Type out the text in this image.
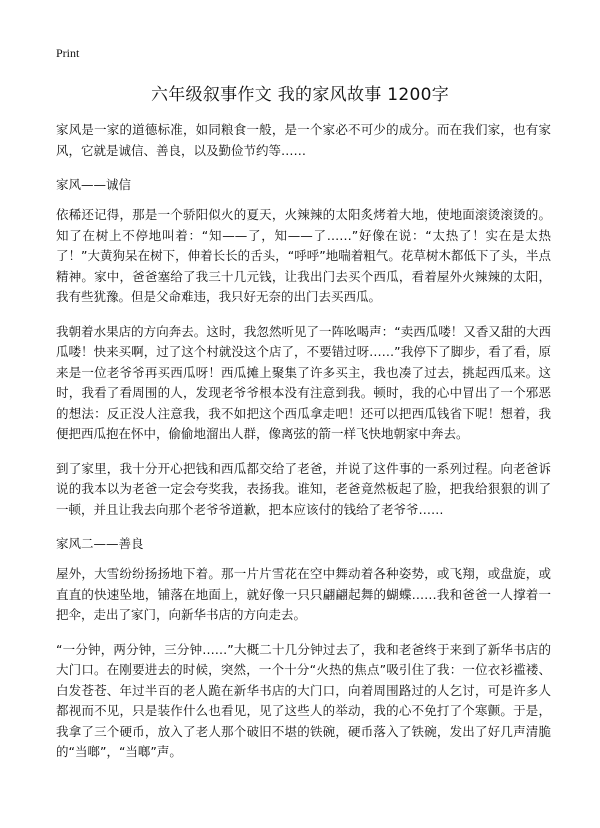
Print
六年级叙事作文 我的家风故事 1200字

家风是一家的道德标准，如同粮食一般，是一个家必不可少的成分。而在我们家，也有家风，它就是诚信、善良，以及勤俭节约等……

家风——诚信

依稀还记得，那是一个骄阳似火的夏天，火辣辣的太阳炙烤着大地，使地面滚烫滚烫的。知了在树上不停地叫着：“知——了，知——了……”好像在说：“太热了！实在是太热了！”大黄狗呆在树下，伸着长长的舌头，“呼呼”地喘着粗气。花草树木都低下了头，半点精神。家中，爸爸塞给了我三十几元钱，让我出门去买个西瓜，看着屋外火辣辣的太阳，我有些犹豫。但是父命难违，我只好无奈的出门去买西瓜。

我朝着水果店的方向奔去。这时，我忽然听见了一阵吆喝声：“卖西瓜喽！又香又甜的大西瓜喽！快来买啊，过了这个村就没这个店了，不要错过呀……”我停下了脚步，看了看，原来是一位老爷爷再买西瓜呀！西瓜摊上聚集了许多买主，我也凑了过去，挑起西瓜来。这时，我看了看周围的人，发现老爷爷根本没有注意到我。顿时，我的心中冒出了一个邪恶的想法：反正没人注意我，我不如把这个西瓜拿走吧！还可以把西瓜钱省下呢！想着，我便把西瓜抱在怀中，偷偷地溜出人群，像离弦的箭一样飞快地朝家中奔去。

到了家里，我十分开心把钱和西瓜都交给了老爸，并说了这件事的一系列过程。向老爸诉说的我本以为老爸一定会夸奖我，表扬我。谁知，老爸竟然板起了脸，把我给狠狠的训了一顿，并且让我去向那个老爷爷道歉，把本应该付的钱给了老爷爷……

家风二——善良

屋外，大雪纷纷扬扬地下着。那一片片雪花在空中舞动着各种姿势，或飞翔，或盘旋，或直直的快速坠地，铺落在地面上，就好像一只只翩翩起舞的蝴蝶……我和爸爸一人撑着一把伞，走出了家门，向新华书店的方向走去。

“一分钟，两分钟，三分钟……”大概二十几分钟过去了，我和老爸终于来到了新华书店的大门口。在刚要进去的时候，突然，一个十分“火热的焦点”吸引住了我：一位衣衫褴褛、白发苍苍、年过半百的老人跪在新华书店的大门口，向着周围路过的人乞讨，可是许多人都视而不见，只是装作什么也看见，见了这些人的举动，我的心不免打了个寒颤。于是，我拿了三个硬币，放入了老人那个破旧不堪的铁碗，硬币落入了铁碗，发出了好几声清脆的“当啷”，“当啷”声。
